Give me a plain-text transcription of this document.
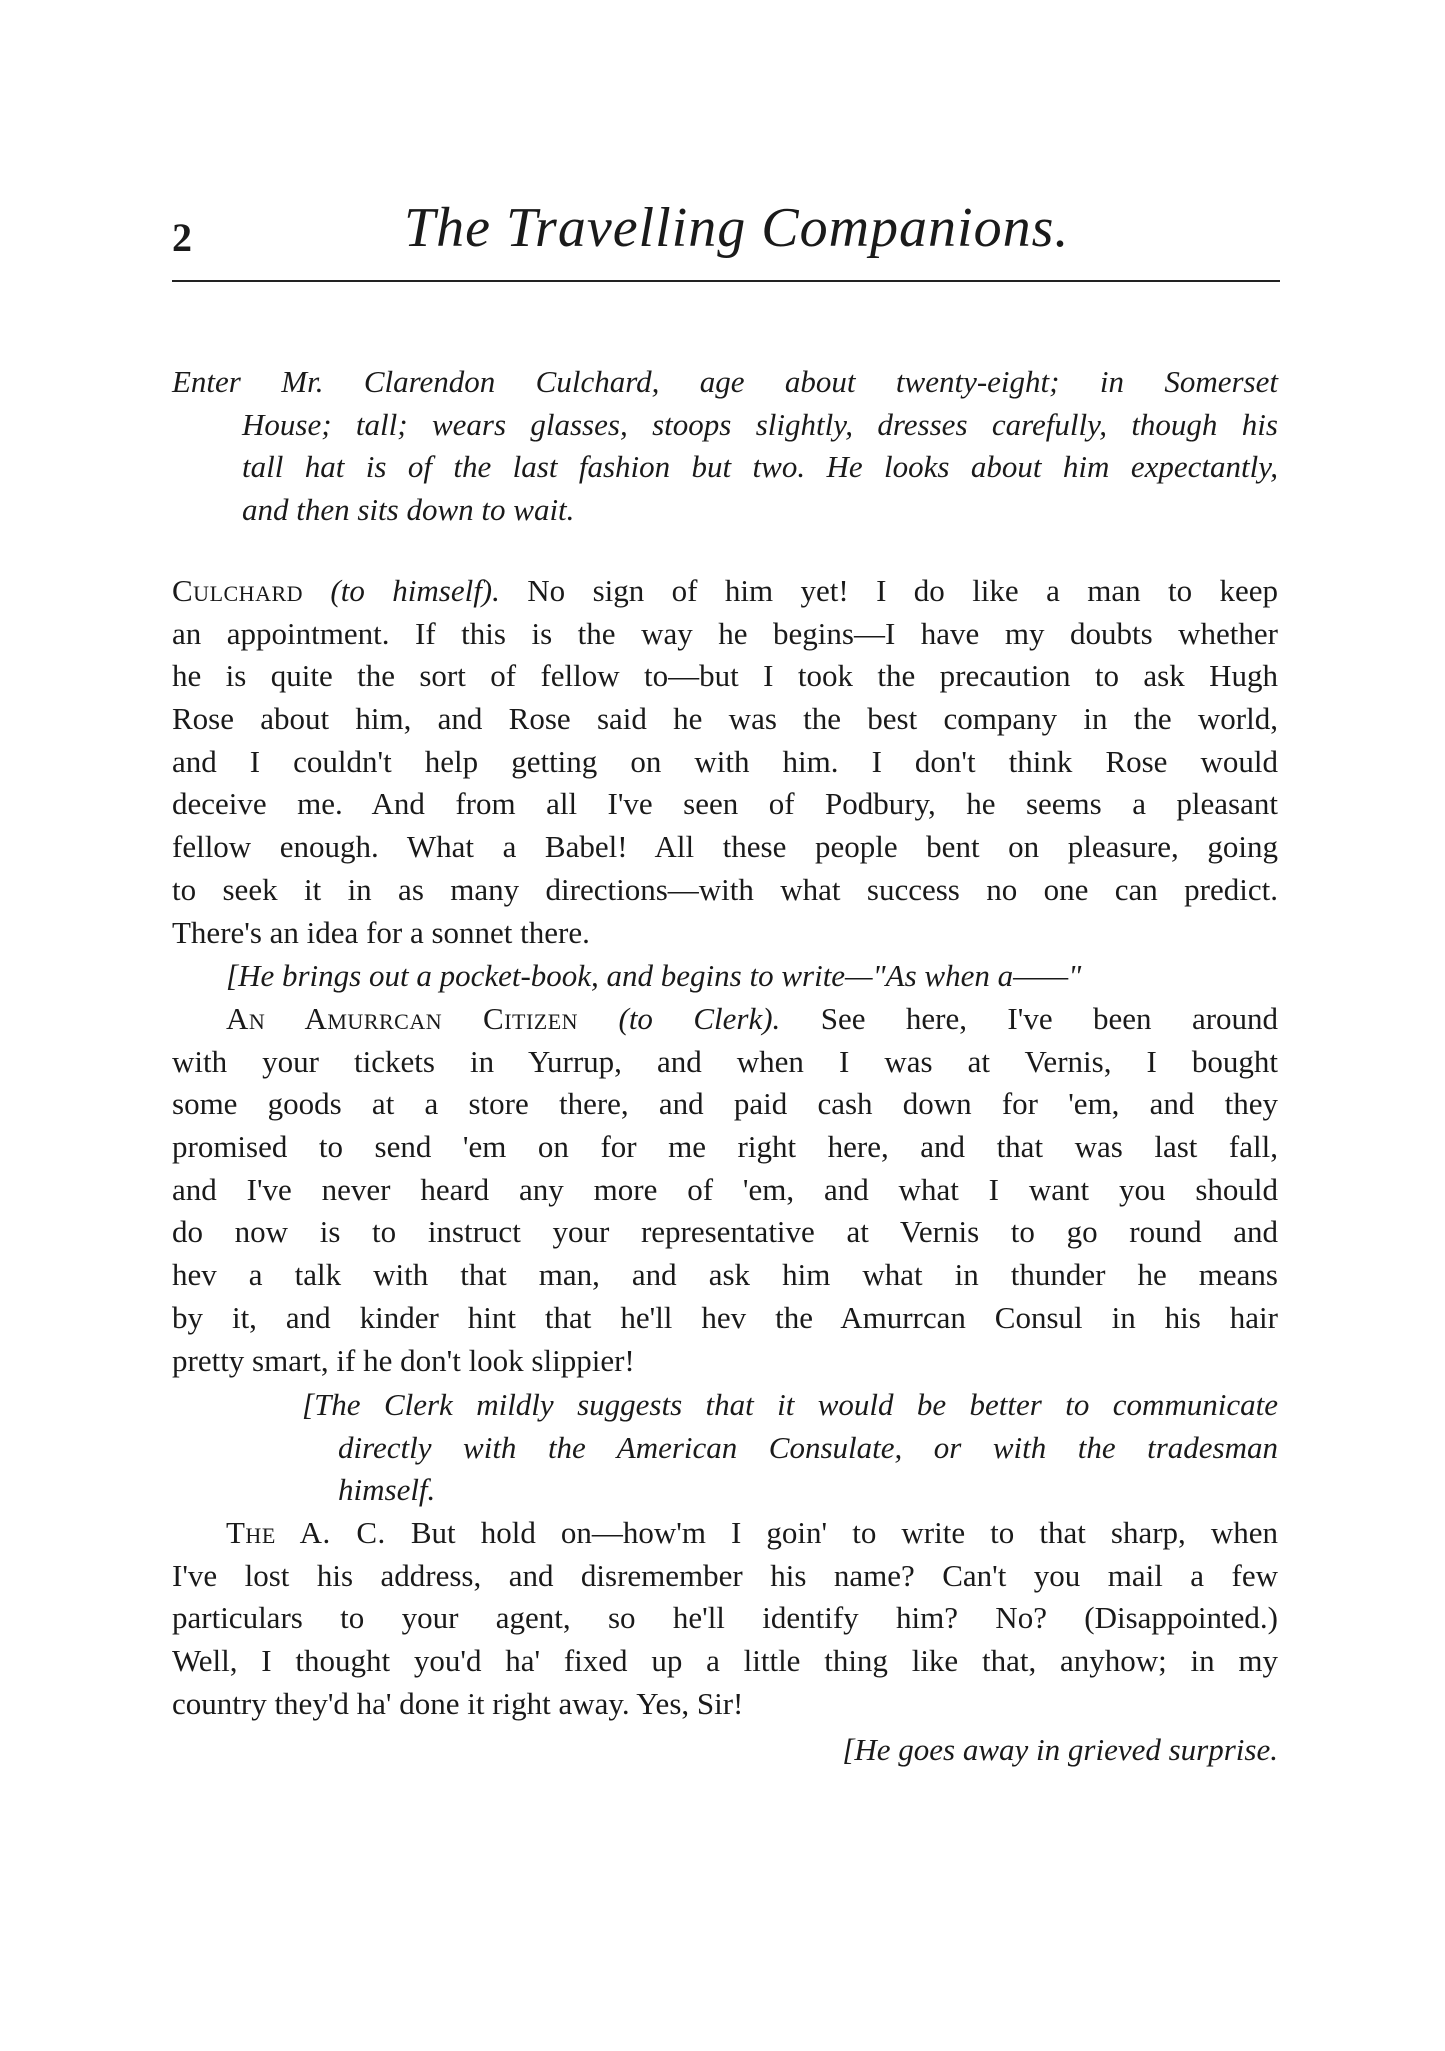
2	The Travelling Companions.
Enter Mr. Clarendon Culchard, age about twenty-eight; in Somerset
House; tall; wears glasses, stoops slightly, dresses carefully, though his
tall hat is of the last fashion but two. He looks about him expectantly,
and then sits down to wait.
Culchard (to himself). No sign of him yet! I do like a man to keep
an appointment. If this is the way he begins—I have my doubts whether
he is quite the sort of fellow to—but I took the precaution to ask Hugh
Rose about him, and Rose said he was the best company in the world,
and I couldn't help getting on with him. I don't think Rose would
deceive me. And from all I've seen of Podbury, he seems a pleasant
fellow enough. What a Babel! All these people bent on pleasure, going
to seek it in as many directions—with what success no one can predict.
There's an idea for a sonnet there.
[He brings out a pocket-book, and begins to write—"As when a——"
An Amurrcan Citizen (to Clerk). See here, I've been around
with your tickets in Yurrup, and when I was at Vernis, I bought
some goods at a store there, and paid cash down for 'em, and they
promised to send 'em on for me right here, and that was last fall,
and I've never heard any more of 'em, and what I want you should
do now is to instruct your representative at Vernis to go round and
hev a talk with that man, and ask him what in thunder he means
by it, and kinder hint that he'll hev the Amurrcan Consul in his hair
pretty smart, if he don't look slippier!
[The Clerk mildly suggests that it would be better to communicate
directly with the American Consulate, or with the tradesman
himself.
The A. C. But hold on—how'm I goin' to write to that sharp, when
I've lost his address, and disremember his name? Can't you mail a few
particulars to your agent, so he'll identify him? No? (Disappointed.)
Well, I thought you'd ha' fixed up a little thing like that, anyhow; in my
country they'd ha' done it right away. Yes, Sir!
[He goes away in grieved surprise.
